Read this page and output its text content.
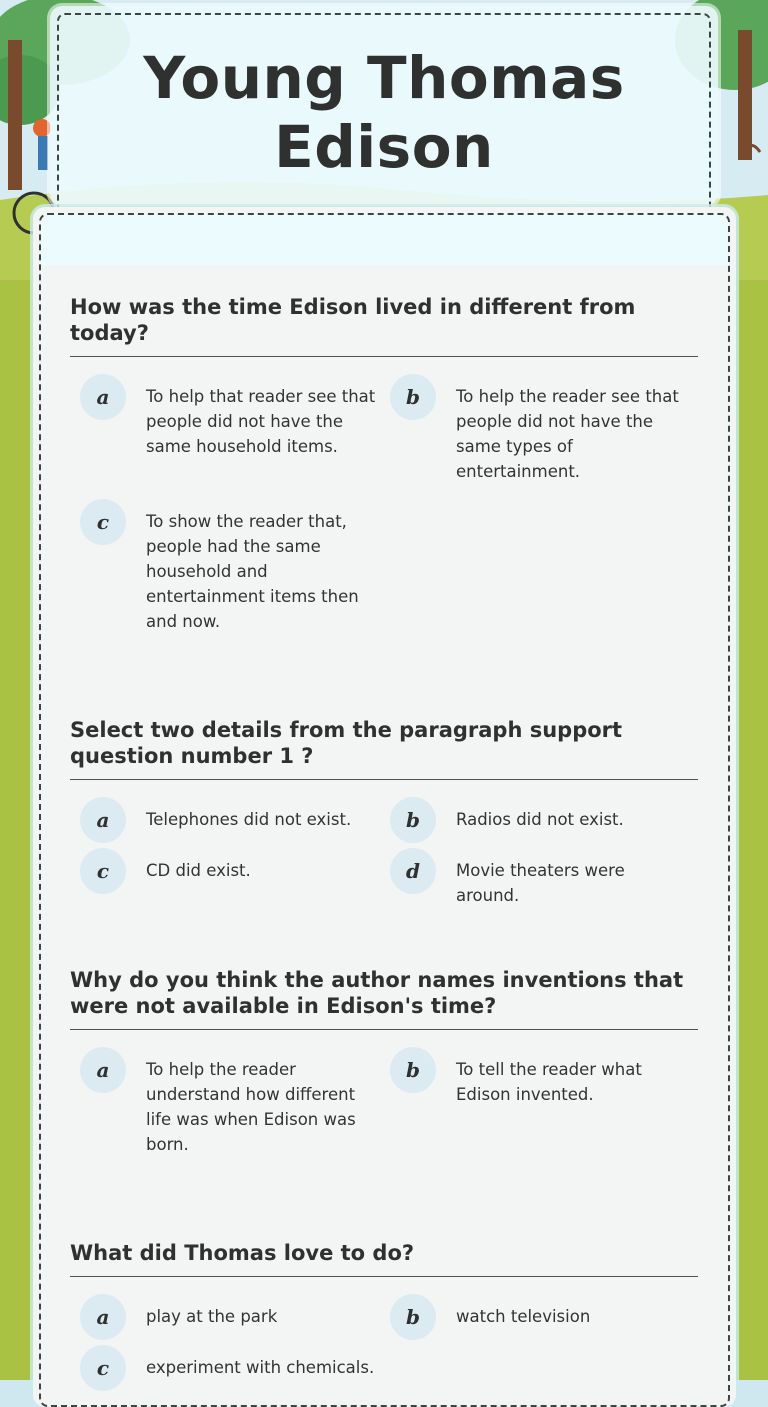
Young Thomas Edison

How was the time Edison lived in different from today?

a	To help that reader see that people did not have the same household items.
b	To help the reader see that people did not have the same types of entertainment.
c	To show the reader that, people had the same household and entertainment items then and now.

Select two details from the paragraph support question number 1 ?

a	Telephones did not exist.	b	Radios did not exist.
c	CD did exist.	d	Movie theaters were around.

Why do you think the author names inventions that were not available in Edison's time?

a	To help the reader understand how different life was when Edison was born.
b	To tell the reader what Edison invented.

What did Thomas love to do?

a	play at the park	b	watch television
c	experiment with chemicals.
